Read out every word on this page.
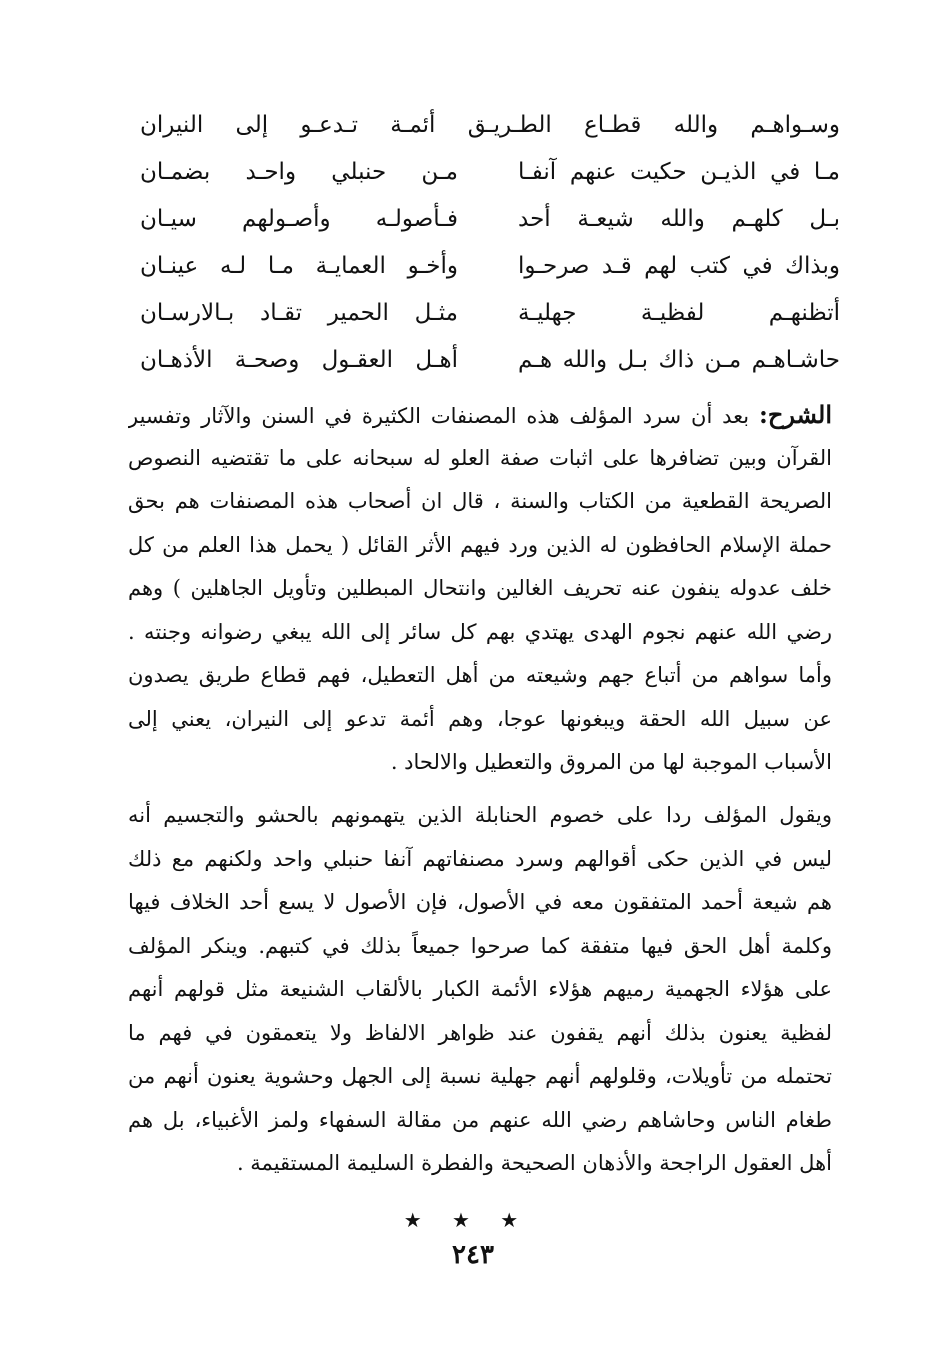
وسـواهـم والله قطـاع الطـريـق أئمـة تـدعـو إلى النيران
مـا في الذيـن حكيت عنهم آنفـا
مـن حنبلي واحـد بضمـان
بـل كلهـم والله شيعـة أحد
فـأصولـه وأصـولهم سيـان
وبذاك في كتب لهم قـد صرحـوا
وأخـو العمايـة مـا لـه عينـان
أتظنهـم لفظيـة جهليـة
مثـل الحمير تقـاد بـالارسـان
حاشـاهـم مـن ذاك بـل والله هـم
أهـل العقـول وصحـة الأذهـان
الشرح: بعد أن سرد المؤلف هذه المصنفات الكثيرة في السنن والآثار وتفسير
القرآن وبين تضافرها على اثبات صفة العلو له سبحانه على ما تقتضيه النصوص
الصريحة القطعية من الكتاب والسنة ، قال ان أصحاب هذه المصنفات هم بحق
حملة الإسلام الحافظون له الذين ورد فيهم الأثر القائل ( يحمل هذا العلم من كل
خلف عدوله ينفون عنه تحريف الغالين وانتحال المبطلين وتأويل الجاهلين ) وهم
رضي الله عنهم نجوم الهدى يهتدي بهم كل سائر إلى الله يبغي رضوانه وجنته .
وأما سواهم من أتباع جهم وشيعته من أهل التعطيل، فهم قطاع طريق يصدون
عن سبيل الله الحقة ويبغونها عوجا، وهم أئمة تدعو إلى النيران، يعني إلى
الأسباب الموجبة لها من المروق والتعطيل والالحاد .
ويقول المؤلف ردا على خصوم الحنابلة الذين يتهمونهم بالحشو والتجسيم أنه
ليس في الذين حكى أقوالهم وسرد مصنفاتهم آنفا حنبلي واحد ولكنهم مع ذلك
هم شيعة أحمد المتفقون معه في الأصول، فإن الأصول لا يسع أحد الخلاف فيها
وكلمة أهل الحق فيها متفقة كما صرحوا جميعاً بذلك في كتبهم. وينكر المؤلف
على هؤلاء الجهمية رميهم هؤلاء الأئمة الكبار بالألقاب الشنيعة مثل قولهم أنهم
لفظية يعنون بذلك أنهم يقفون عند ظواهر الالفاظ ولا يتعمقون في فهم ما
تحتمله من تأويلات، وقلولهم أنهم جهلية نسبة إلى الجهل وحشوية يعنون أنهم من
طغام الناس وحاشاهم رضي الله عنهم من مقالة السفهاء ولمز الأغبياء، بل هم
أهل العقول الراجحة والأذهان الصحيحة والفطرة السليمة المستقيمة .
★ ★ ★
٢٤٣
